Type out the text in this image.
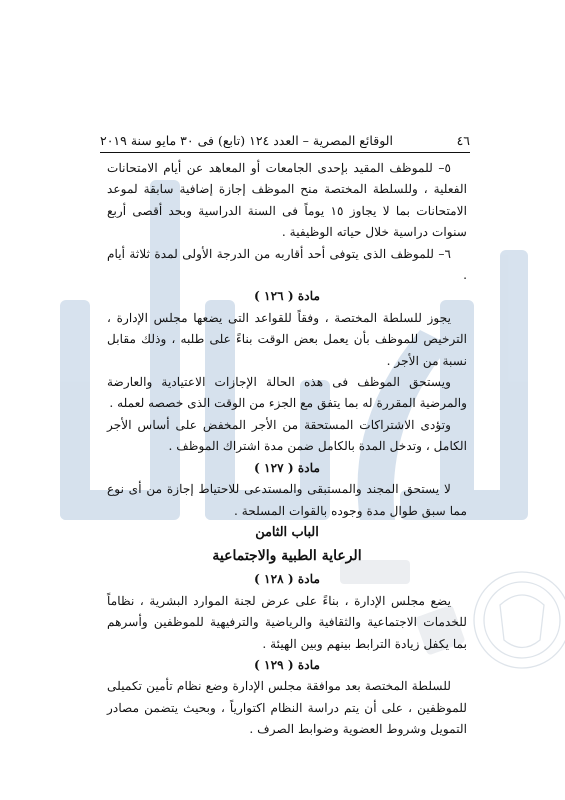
٤٦
الوقائع المصرية – العدد ١٢٤ (تابع) فى ٣٠ مايو سنة ٢٠١٩

٥– للموظف المقيد بإحدى الجامعات أو المعاهد عن أيام الامتحانات الفعلية ، وللسلطة المختصة منح الموظف إجازة إضافية سابقة لموعد الامتحانات بما لا يجاوز ١٥ يوماً فى السنة الدراسية وبحد أقصى أربع سنوات دراسية خلال حياته الوظيفية .

٦– للموظف الذى يتوفى أحد أقاربه من الدرجة الأولى لمدة ثلاثة أيام .

مادة ( ١٢٦ )

يجوز للسلطة المختصة ، وفقاً للقواعد التى يضعها مجلس الإدارة ، الترخيص للموظف بأن يعمل بعض الوقت بناءً على طلبه ، وذلك مقابل نسبة من الأجر .

ويستحق الموظف فى هذه الحالة الإجازات الاعتيادية والعارضة والمرضية المقررة له بما يتفق مع الجزء من الوقت الذى خصصه لعمله .

وتؤدى الاشتراكات المستحقة من الأجر المخفض على أساس الأجر الكامل ، وتدخل المدة بالكامل ضمن مدة اشتراك الموظف .

مادة ( ١٢٧ )

لا يستحق المجند والمستبقى والمستدعى للاحتياط إجازة من أى نوع مما سبق طوال مدة وجوده بالقوات المسلحة .

الباب الثامن

الرعاية الطبية والاجتماعية

مادة ( ١٢٨ )

يضع مجلس الإدارة ، بناءً على عرض لجنة الموارد البشرية ، نظاماً للخدمات الاجتماعية والثقافية والرياضية والترفيهية للموظفين وأسرهم بما يكفل زيادة الترابط بينهم وبين الهيئة .

مادة ( ١٢٩ )

للسلطة المختصة بعد موافقة مجلس الإدارة وضع نظام تأمين تكميلى للموظفين ، على أن يتم دراسة النظام اكتوارياً ، وبحيث يتضمن مصادر التمويل وشروط العضوية وضوابط الصرف .
